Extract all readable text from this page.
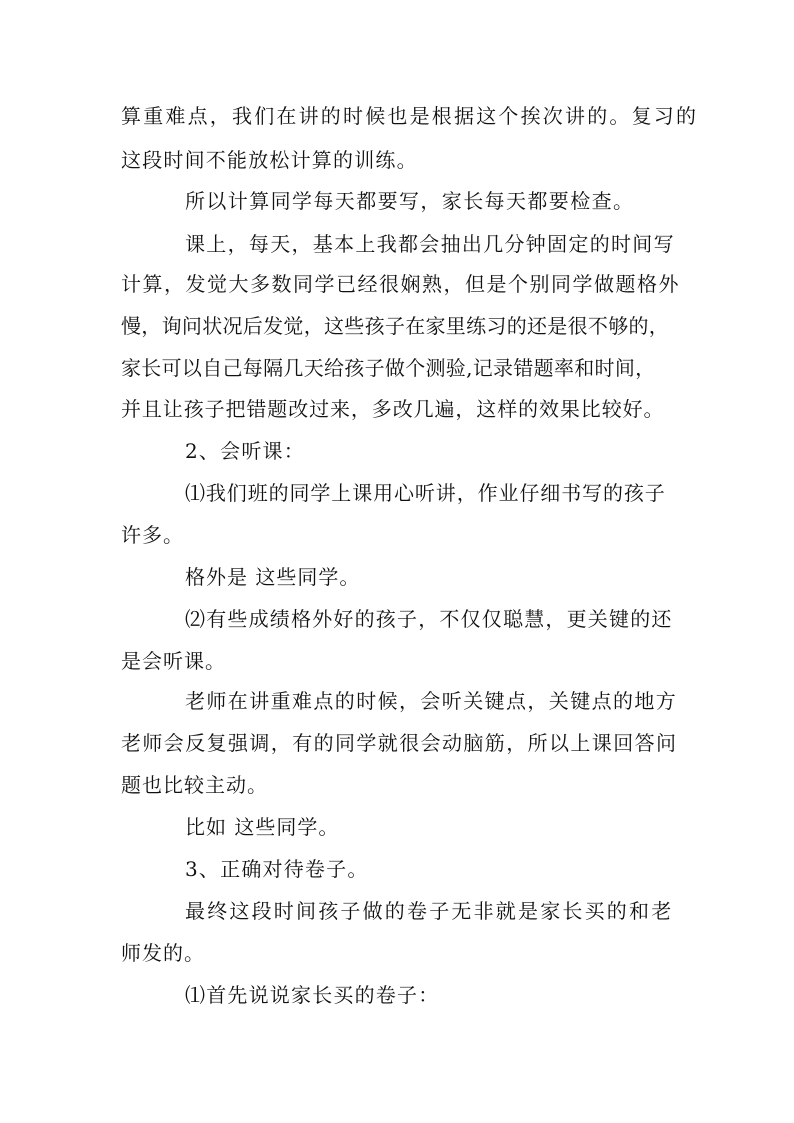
算重难点，我们在讲的时候也是根据这个挨次讲的。复习的
这段时间不能放松计算的训练。
所以计算同学每天都要写，家长每天都要检查。
课上，每天，基本上我都会抽出几分钟固定的时间写
计算，发觉大多数同学已经很娴熟，但是个别同学做题格外
慢，询问状况后发觉，这些孩子在家里练习的还是很不够的，
家长可以自己每隔几天给孩子做个测验,记录错题率和时间，
并且让孩子把错题改过来，多改几遍，这样的效果比较好。
2、会听课：
⑴我们班的同学上课用心听讲，作业仔细书写的孩子
许多。
格外是 这些同学。
⑵有些成绩格外好的孩子，不仅仅聪慧，更关键的还
是会听课。
老师在讲重难点的时候，会听关键点，关键点的地方
老师会反复强调，有的同学就很会动脑筋，所以上课回答问
题也比较主动。
比如 这些同学。
3、正确对待卷子。
最终这段时间孩子做的卷子无非就是家长买的和老
师发的。
⑴首先说说家长买的卷子：
